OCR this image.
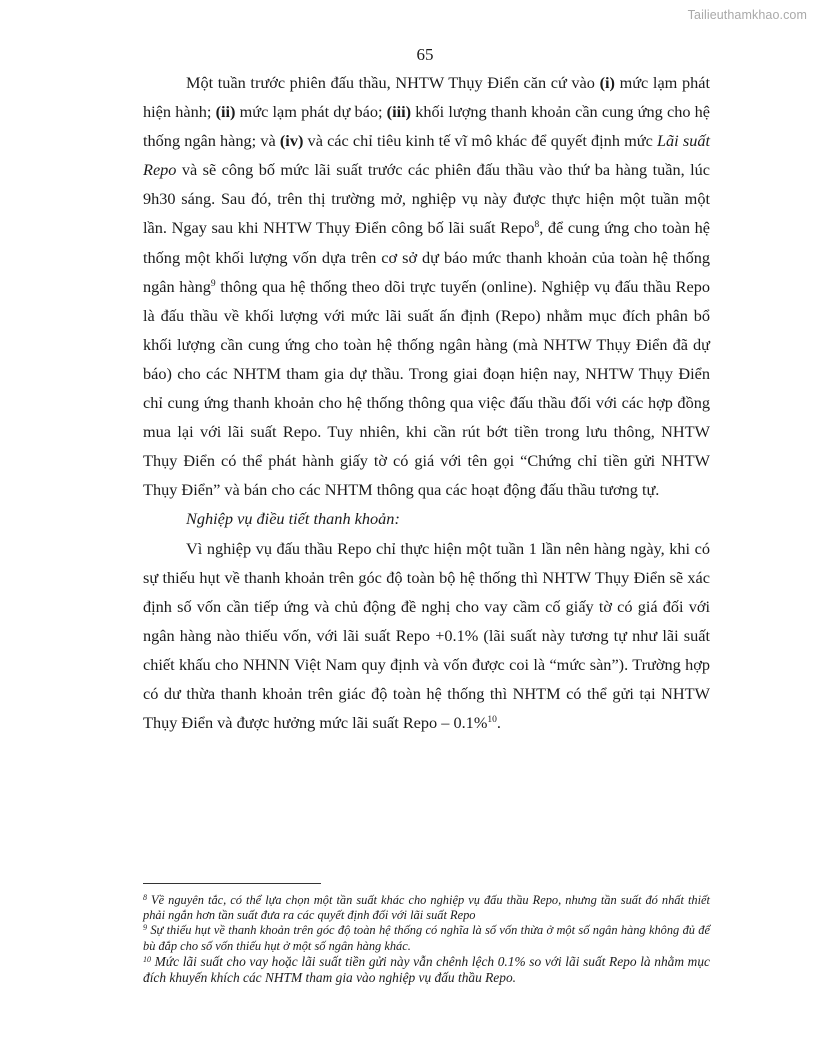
Tailieuthamkhao.com
65

Một tuần trước phiên đấu thầu, NHTW Thụy Điển căn cứ vào (i) mức lạm phát hiện hành; (ii) mức lạm phát dự báo; (iii) khối lượng thanh khoản cần cung ứng cho hệ thống ngân hàng; và (iv) và các chỉ tiêu kinh tế vĩ mô khác để quyết định mức Lãi suất Repo và sẽ công bố mức lãi suất trước các phiên đấu thầu vào thứ ba hàng tuần, lúc 9h30 sáng. Sau đó, trên thị trường mở, nghiệp vụ này được thực hiện một tuần một lần. Ngay sau khi NHTW Thụy Điển công bố lãi suất Repo$^8$, để cung ứng cho toàn hệ thống một khối lượng vốn dựa trên cơ sở dự báo mức thanh khoản của toàn hệ thống ngân hàng$^9$ thông qua hệ thống theo dõi trực tuyến (online). Nghiệp vụ đấu thầu Repo là đấu thầu về khối lượng với mức lãi suất ấn định (Repo) nhằm mục đích phân bổ khối lượng cần cung ứng cho toàn hệ thống ngân hàng (mà NHTW Thụy Điển đã dự báo) cho các NHTM tham gia dự thầu. Trong giai đoạn hiện nay, NHTW Thụy Điển chỉ cung ứng thanh khoản cho hệ thống thông qua việc đấu thầu đối với các hợp đồng mua lại với lãi suất Repo. Tuy nhiên, khi cần rút bớt tiền trong lưu thông, NHTW Thụy Điển có thể phát hành giấy tờ có giá với tên gọi “Chứng chỉ tiền gửi NHTW Thụy Điển” và bán cho các NHTM thông qua các hoạt động đấu thầu tương tự.

Nghiệp vụ điều tiết thanh khoản:

Vì nghiệp vụ đấu thầu Repo chỉ thực hiện một tuần 1 lần nên hàng ngày, khi có sự thiếu hụt về thanh khoản trên góc độ toàn bộ hệ thống thì NHTW Thụy Điển sẽ xác định số vốn cần tiếp ứng và chủ động đề nghị cho vay cầm cố giấy tờ có giá đối với ngân hàng nào thiếu vốn, với lãi suất Repo +0.1% (lãi suất này tương tự như lãi suất chiết khấu cho NHNN Việt Nam quy định và vốn được coi là “mức sàn”). Trường hợp có dư thừa thanh khoản trên giác độ toàn hệ thống thì NHTM có thể gửi tại NHTW Thụy Điển và được hưởng mức lãi suất Repo – 0.1%$^{10}$.

$^8$ Về nguyên tắc, có thể lựa chọn một tần suất khác cho nghiệp vụ đấu thầu Repo, nhưng tần suất đó nhất thiết phải ngắn hơn tần suất đưa ra các quyết định đối với lãi suất Repo

$^9$ Sự thiếu hụt về thanh khoản trên góc độ toàn hệ thống có nghĩa là số vốn thừa ở một số ngân hàng không đủ để bù đắp cho số vốn thiếu hụt ở một số ngân hàng khác.

$^{10}$ Mức lãi suất cho vay hoặc lãi suất tiền gửi này vẫn chênh lệch 0.1% so với lãi suất Repo là nhằm mục đích khuyến khích các NHTM tham gia vào nghiệp vụ đấu thầu Repo.
